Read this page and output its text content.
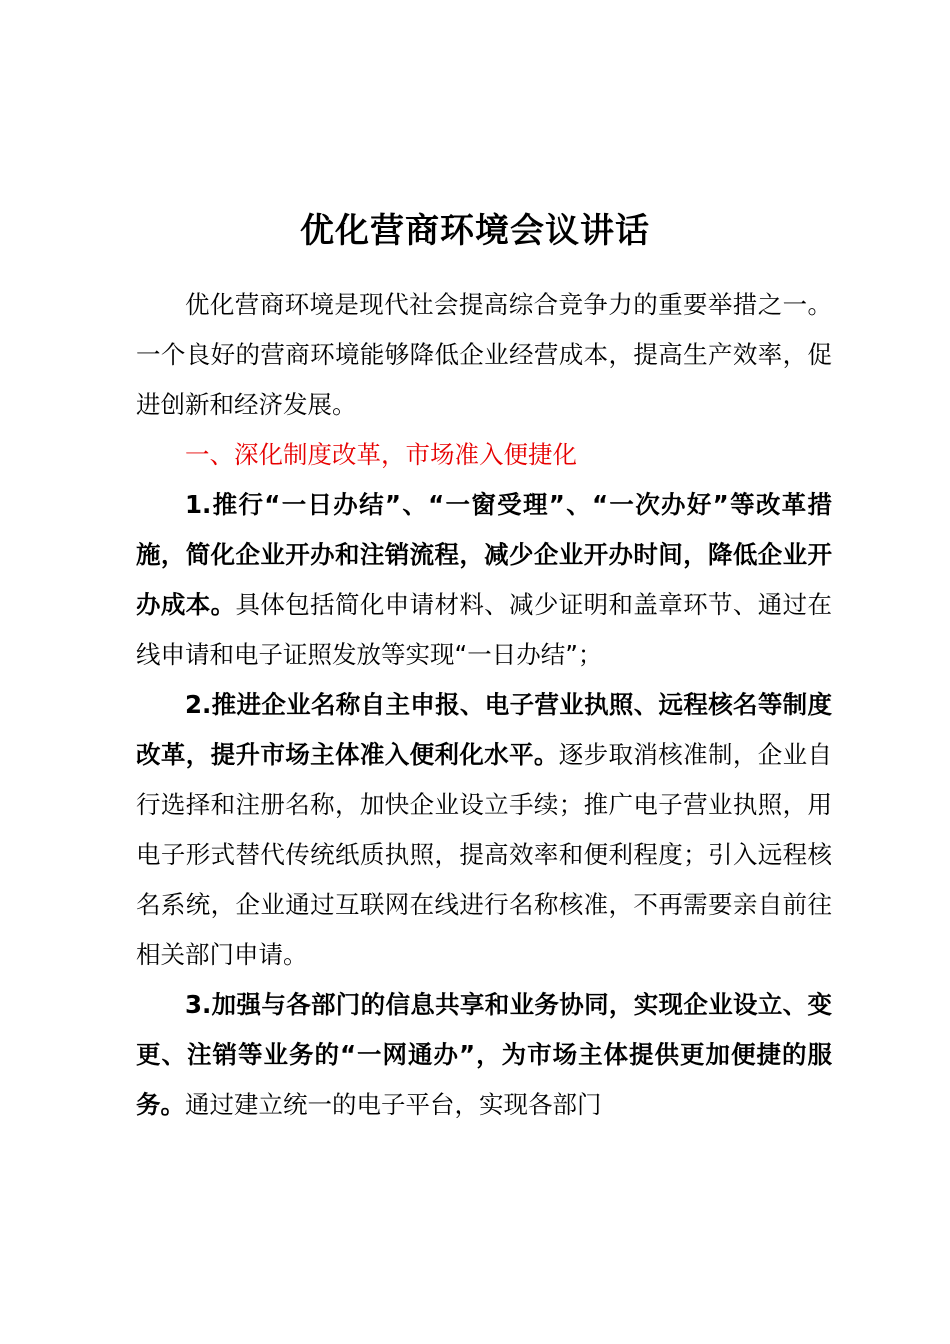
优化营商环境会议讲话

优化营商环境是现代社会提高综合竞争力的重要举措之一。一个良好的营商环境能够降低企业经营成本，提高生产效率，促进创新和经济发展。

一、深化制度改革，市场准入便捷化

1.推行“一日办结”、“一窗受理”、“一次办好”等改革措施，简化企业开办和注销流程，减少企业开办时间，降低企业开办成本。具体包括简化申请材料、减少证明和盖章环节、通过在线申请和电子证照发放等实现“一日办结”；

2.推进企业名称自主申报、电子营业执照、远程核名等制度改革，提升市场主体准入便利化水平。逐步取消核准制，企业自行选择和注册名称，加快企业设立手续；推广电子营业执照，用电子形式替代传统纸质执照，提高效率和便利程度；引入远程核名系统，企业通过互联网在线进行名称核准，不再需要亲自前往相关部门申请。

3.加强与各部门的信息共享和业务协同，实现企业设立、变更、注销等业务的“一网通办”，为市场主体提供更加便捷的服务。通过建立统一的电子平台，实现各部门
